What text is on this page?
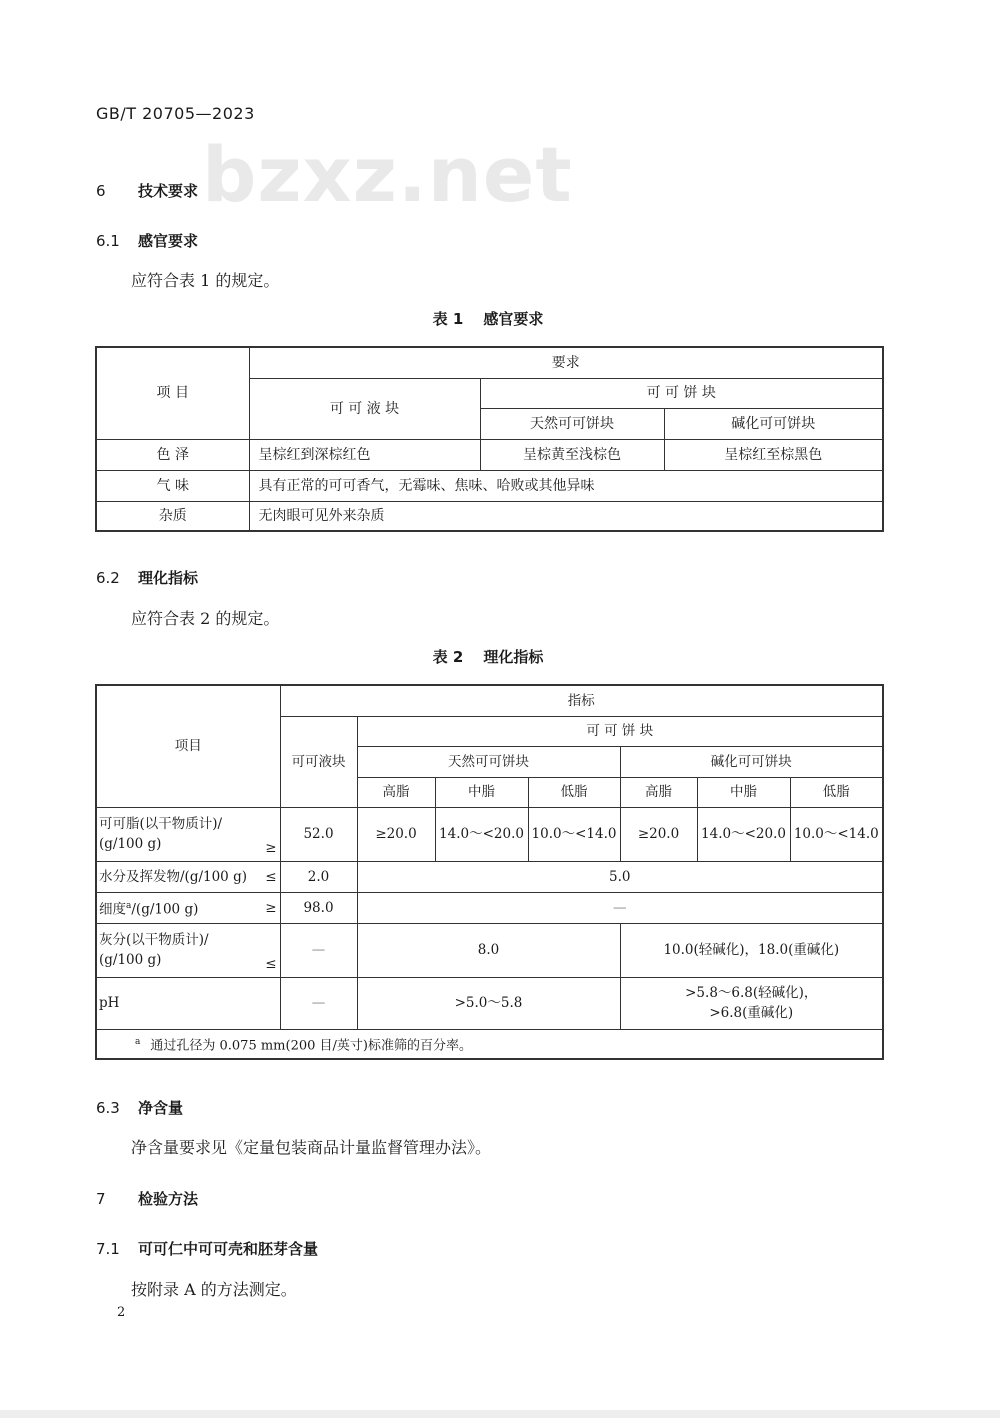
GB/T 20705—2023
bzxz.net
6 技术要求
6.1 感官要求
应符合表 1 的规定。
表 1 感官要求
项 目	要求		
	可 可 液 块	可 可 饼 块	
		天然可可饼块	碱化可可饼块
色 泽	呈棕红到深棕红色	呈棕黄至浅棕色	呈棕红至棕黑色
气 味	具有正常的可可香气，无霉味、焦味、哈败或其他异味		
杂质	无肉眼可见外来杂质		
6.2 理化指标
应符合表 2 的规定。
表 2 理化指标
项目	指标						
	可可液块	可 可 饼 块					
		天然可可饼块			碱化可可饼块		
		高脂	中脂	低脂	高脂	中脂	低脂

可可脂(以干物质计)/
(g/100 g) ≥	52.0	≥20.0	14.0～<20.0	10.0～<14.0	≥20.0	14.0～<20.0	10.0～<14.0
水分及挥发物/(g/100 g) ≤	2.0	5.0					
细度$^a$/(g/100 g) ≥	98.0	—					

灰分(以干物质计)/
(g/100 g) ≤	—	8.0			10.0(轻碱化)，18.0(重碱化)		
pH	—	>5.0～5.8			>5.8～6.8(轻碱化)，
>6.8(重碱化)		

$^a$ 通过孔径为 0.075 mm(200 目/英寸)标准筛的百分率。							
6.3 净含量
净含量要求见《定量包装商品计量监督管理办法》。
7 检验方法
7.1 可可仁中可可壳和胚芽含量
按附录 A 的方法测定。
2
